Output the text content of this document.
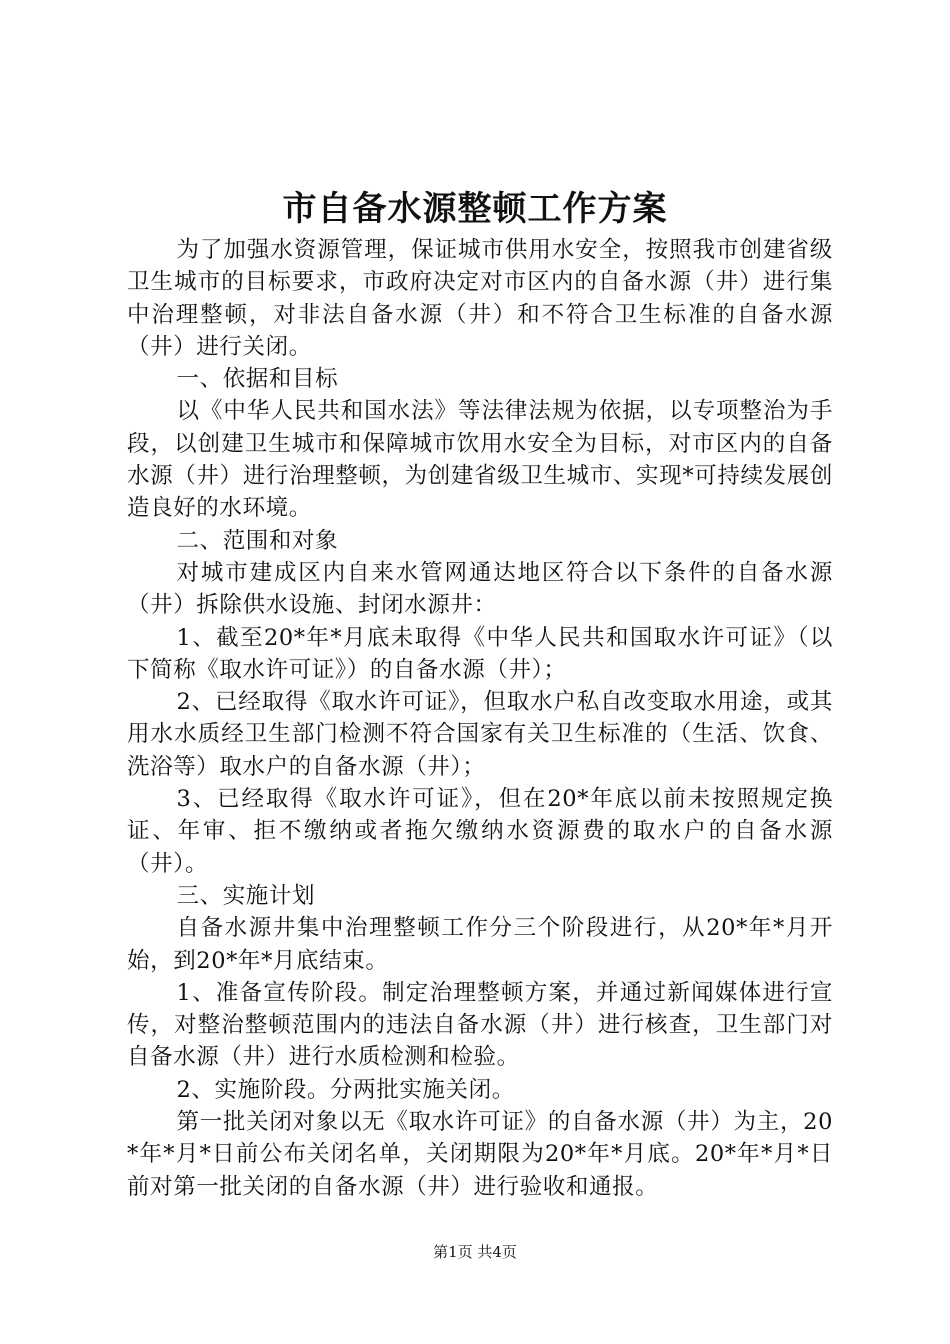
市自备水源整顿工作方案

为了加强水资源管理，保证城市供用水安全，按照我市创建省级卫生城市的目标要求，市政府决定对市区内的自备水源（井）进行集中治理整顿，对非法自备水源（井）和不符合卫生标准的自备水源（井）进行关闭。

一、依据和目标

以《中华人民共和国水法》等法律法规为依据，以专项整治为手段，以创建卫生城市和保障城市饮用水安全为目标，对市区内的自备水源（井）进行治理整顿，为创建省级卫生城市、实现*可持续发展创造良好的水环境。

二、范围和对象

对城市建成区内自来水管网通达地区符合以下条件的自备水源（井）拆除供水设施、封闭水源井：

1、截至20*年*月底未取得《中华人民共和国取水许可证》（以下简称《取水许可证》）的自备水源（井）；

2、已经取得《取水许可证》，但取水户私自改变取水用途，或其用水水质经卫生部门检测不符合国家有关卫生标准的（生活、饮食、洗浴等）取水户的自备水源（井）；

3、已经取得《取水许可证》，但在20*年底以前未按照规定换证、年审、拒不缴纳或者拖欠缴纳水资源费的取水户的自备水源（井）。

三、实施计划

自备水源井集中治理整顿工作分三个阶段进行，从20*年*月开始，到20*年*月底结束。

1、准备宣传阶段。制定治理整顿方案，并通过新闻媒体进行宣传，对整治整顿范围内的违法自备水源（井）进行核查，卫生部门对自备水源（井）进行水质检测和检验。

2、实施阶段。分两批实施关闭。

第一批关闭对象以无《取水许可证》的自备水源（井）为主，20*年*月*日前公布关闭名单，关闭期限为20*年*月底。20*年*月*日前对第一批关闭的自备水源（井）进行验收和通报。

第1页 共4页
